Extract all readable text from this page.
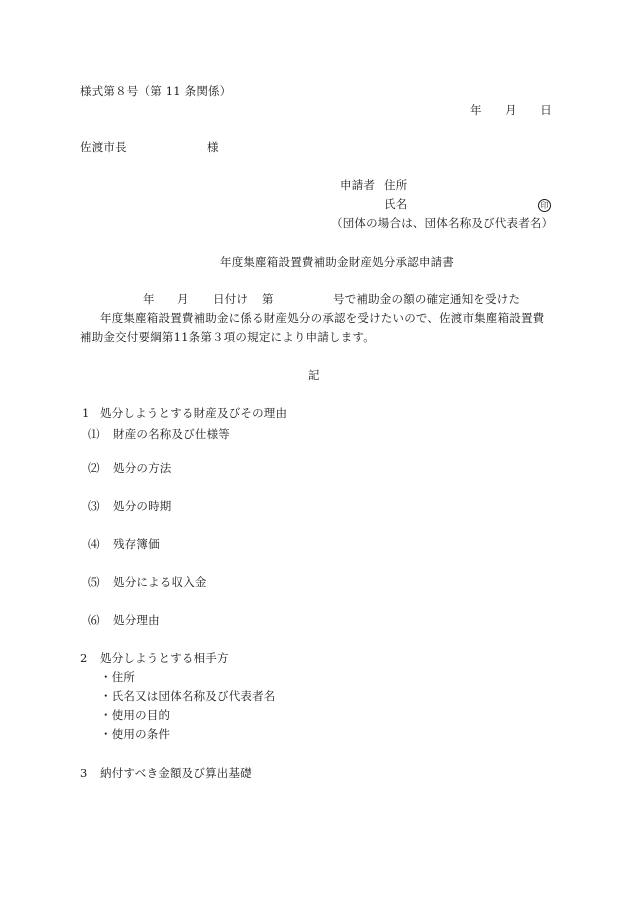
様式第８号（第 11 条関係）
年　　月　　日
佐渡市長	様
申請者 住所
氏名	印
（団体の場合は、団体名称及び代表者名）
年度集塵箱設置費補助金財産処分承認申請書
年 月 日付け 第	号で補助金の額の確定通知を受けた
年度集塵箱設置費補助金に係る財産処分の承認を受けたいので、佐渡市集塵箱設置費
補助金交付要綱第11条第３項の規定により申請します。
記
1 処分しようとする財産及びその理由
⑴ 財産の名称及び仕様等
⑵ 処分の方法
⑶ 処分の時期
⑷ 残存簿価
⑸ 処分による収入金
⑹ 処分理由
2 処分しようとする相手方
・住所
・氏名又は団体名称及び代表者名
・使用の目的
・使用の条件
3 納付すべき金額及び算出基礎
